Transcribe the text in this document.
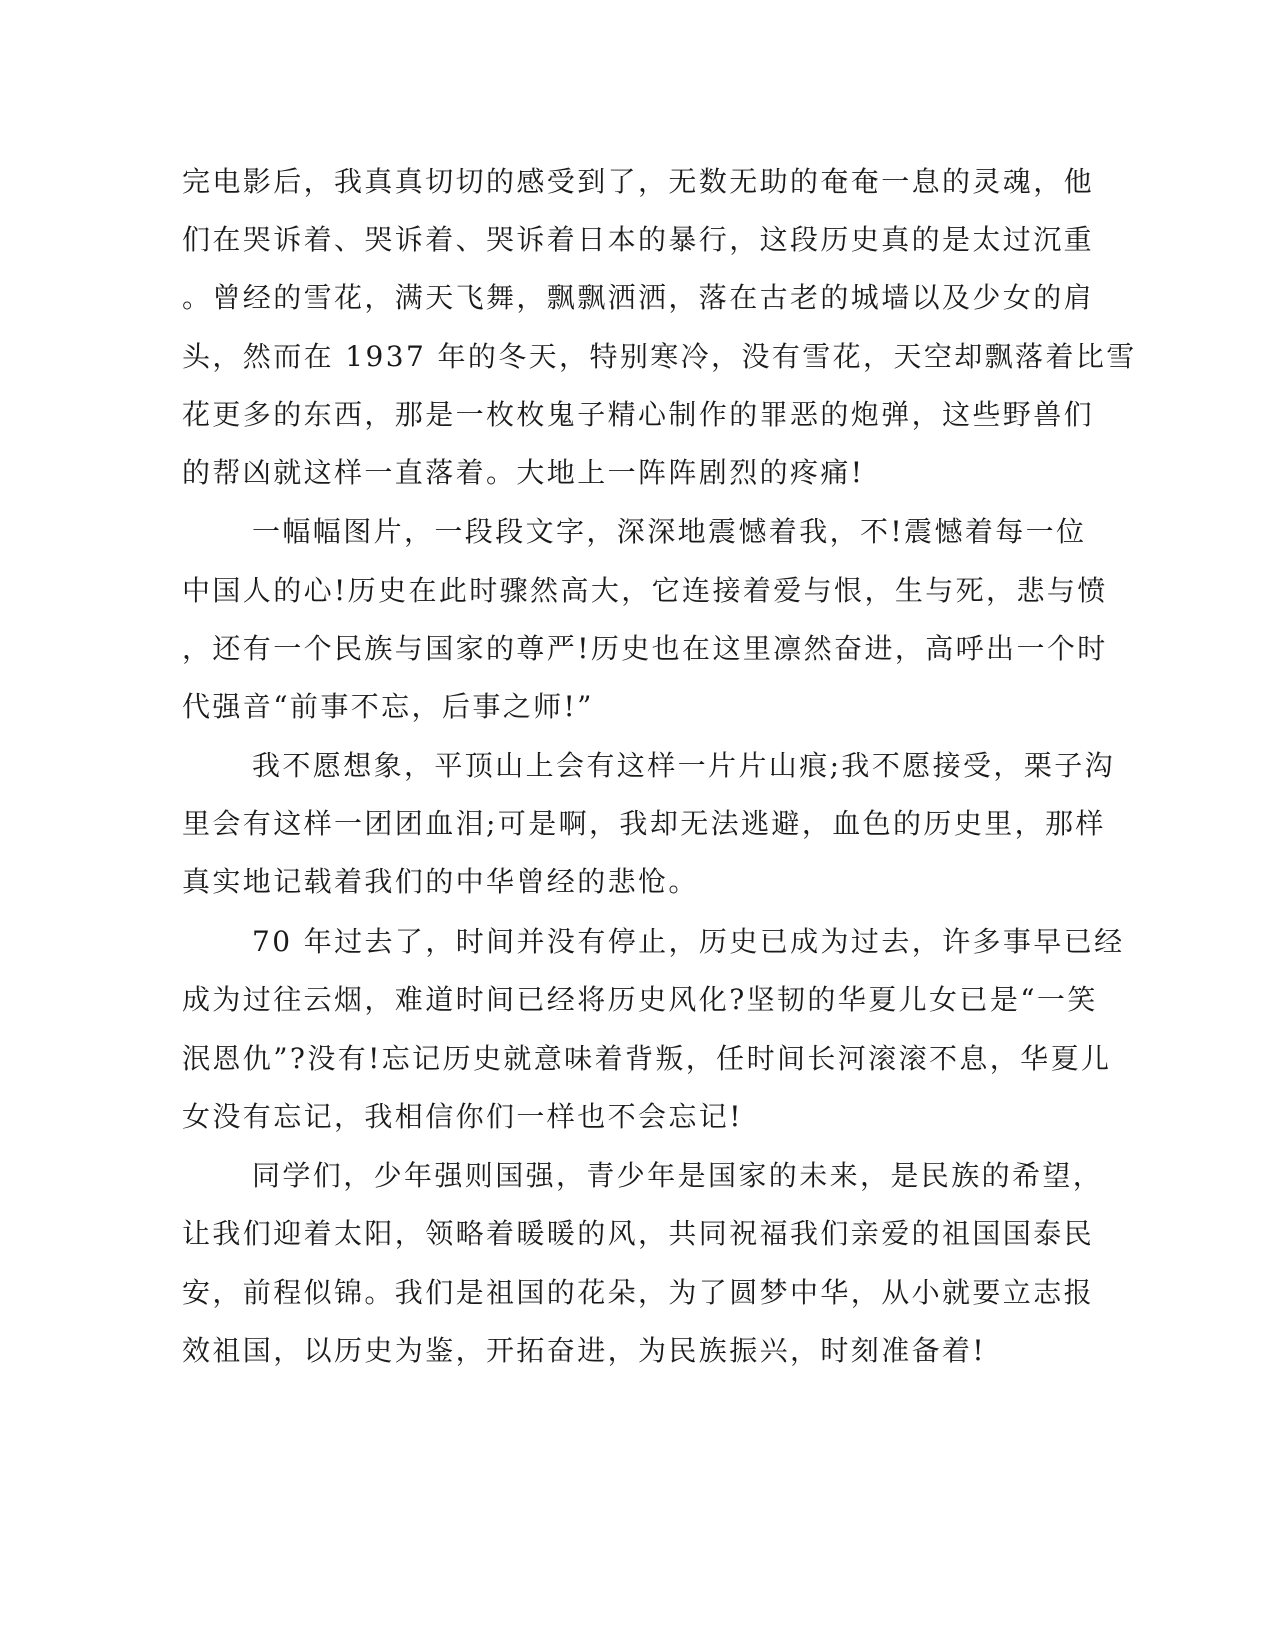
完电影后，我真真切切的感受到了，无数无助的奄奄一息的灵魂，他
们在哭诉着、哭诉着、哭诉着日本的暴行，这段历史真的是太过沉重
。曾经的雪花，满天飞舞，飘飘洒洒，落在古老的城墙以及少女的肩
头，然而在 1937 年的冬天，特别寒冷，没有雪花，天空却飘落着比雪
花更多的东西，那是一枚枚鬼子精心制作的罪恶的炮弹，这些野兽们
的帮凶就这样一直落着。大地上一阵阵剧烈的疼痛!
一幅幅图片，一段段文字，深深地震憾着我，不!震憾着每一位
中国人的心!历史在此时骤然高大，它连接着爱与恨，生与死，悲与愤
，还有一个民族与国家的尊严!历史也在这里凛然奋进，高呼出一个时
代强音“前事不忘，后事之师!”
我不愿想象，平顶山上会有这样一片片山痕;我不愿接受，栗子沟
里会有这样一团团血泪;可是啊，我却无法逃避，血色的历史里，那样
真实地记载着我们的中华曾经的悲怆。
70 年过去了，时间并没有停止，历史已成为过去，许多事早已经
成为过往云烟，难道时间已经将历史风化?坚韧的华夏儿女已是“一笑
泯恩仇”?没有!忘记历史就意味着背叛，任时间长河滚滚不息，华夏儿
女没有忘记，我相信你们一样也不会忘记!
同学们，少年强则国强，青少年是国家的未来，是民族的希望，
让我们迎着太阳，领略着暖暖的风，共同祝福我们亲爱的祖国国泰民
安，前程似锦。我们是祖国的花朵，为了圆梦中华，从小就要立志报
效祖国，以历史为鉴，开拓奋进，为民族振兴，时刻准备着!
